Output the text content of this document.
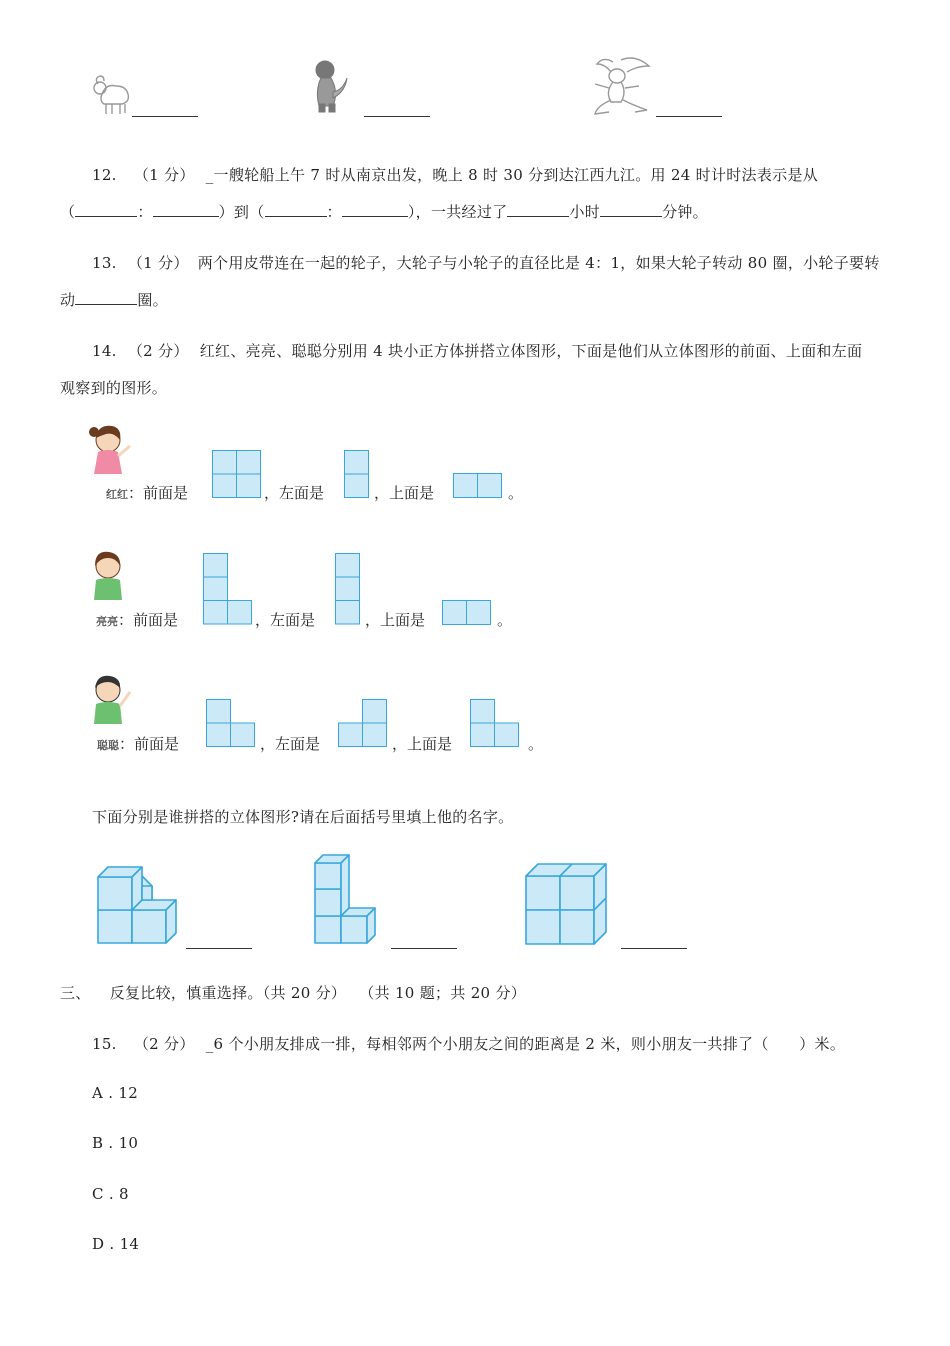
12. （1 分） _一艘轮船上午 7 时从南京出发，晚上 8 时 30 分到达江西九江。用 24 时计时法表示是从
（	：	）到（	：	），一共经过了	小时	分钟。
13. （1 分） 两个用皮带连在一起的轮子，大轮子与小轮子的直径比是 4：1，如果大轮子转动 80 圈，小轮子要转
动	圈。
14. （2 分） 红红、亮亮、聪聪分别用 4 块小正方体拼搭立体图形，下面是他们从立体图形的前面、上面和左面
观察到的图形。
红红：前面是	，左面是	，上面是	。
亮亮：前面是	，左面是	，上面是	。
聪聪：前面是	，左面是	，上面是	。
下面分别是谁拼搭的立体图形?请在后面括号里填上他的名字。
三、 反复比较，慎重选择。（共 20 分） （共 10 题；共 20 分）
15. （2 分） _6 个小朋友排成一排，每相邻两个小朋友之间的距离是 2 米，则小朋友一共排了（　　）米。
A . 12
B . 10
C . 8
D . 14
